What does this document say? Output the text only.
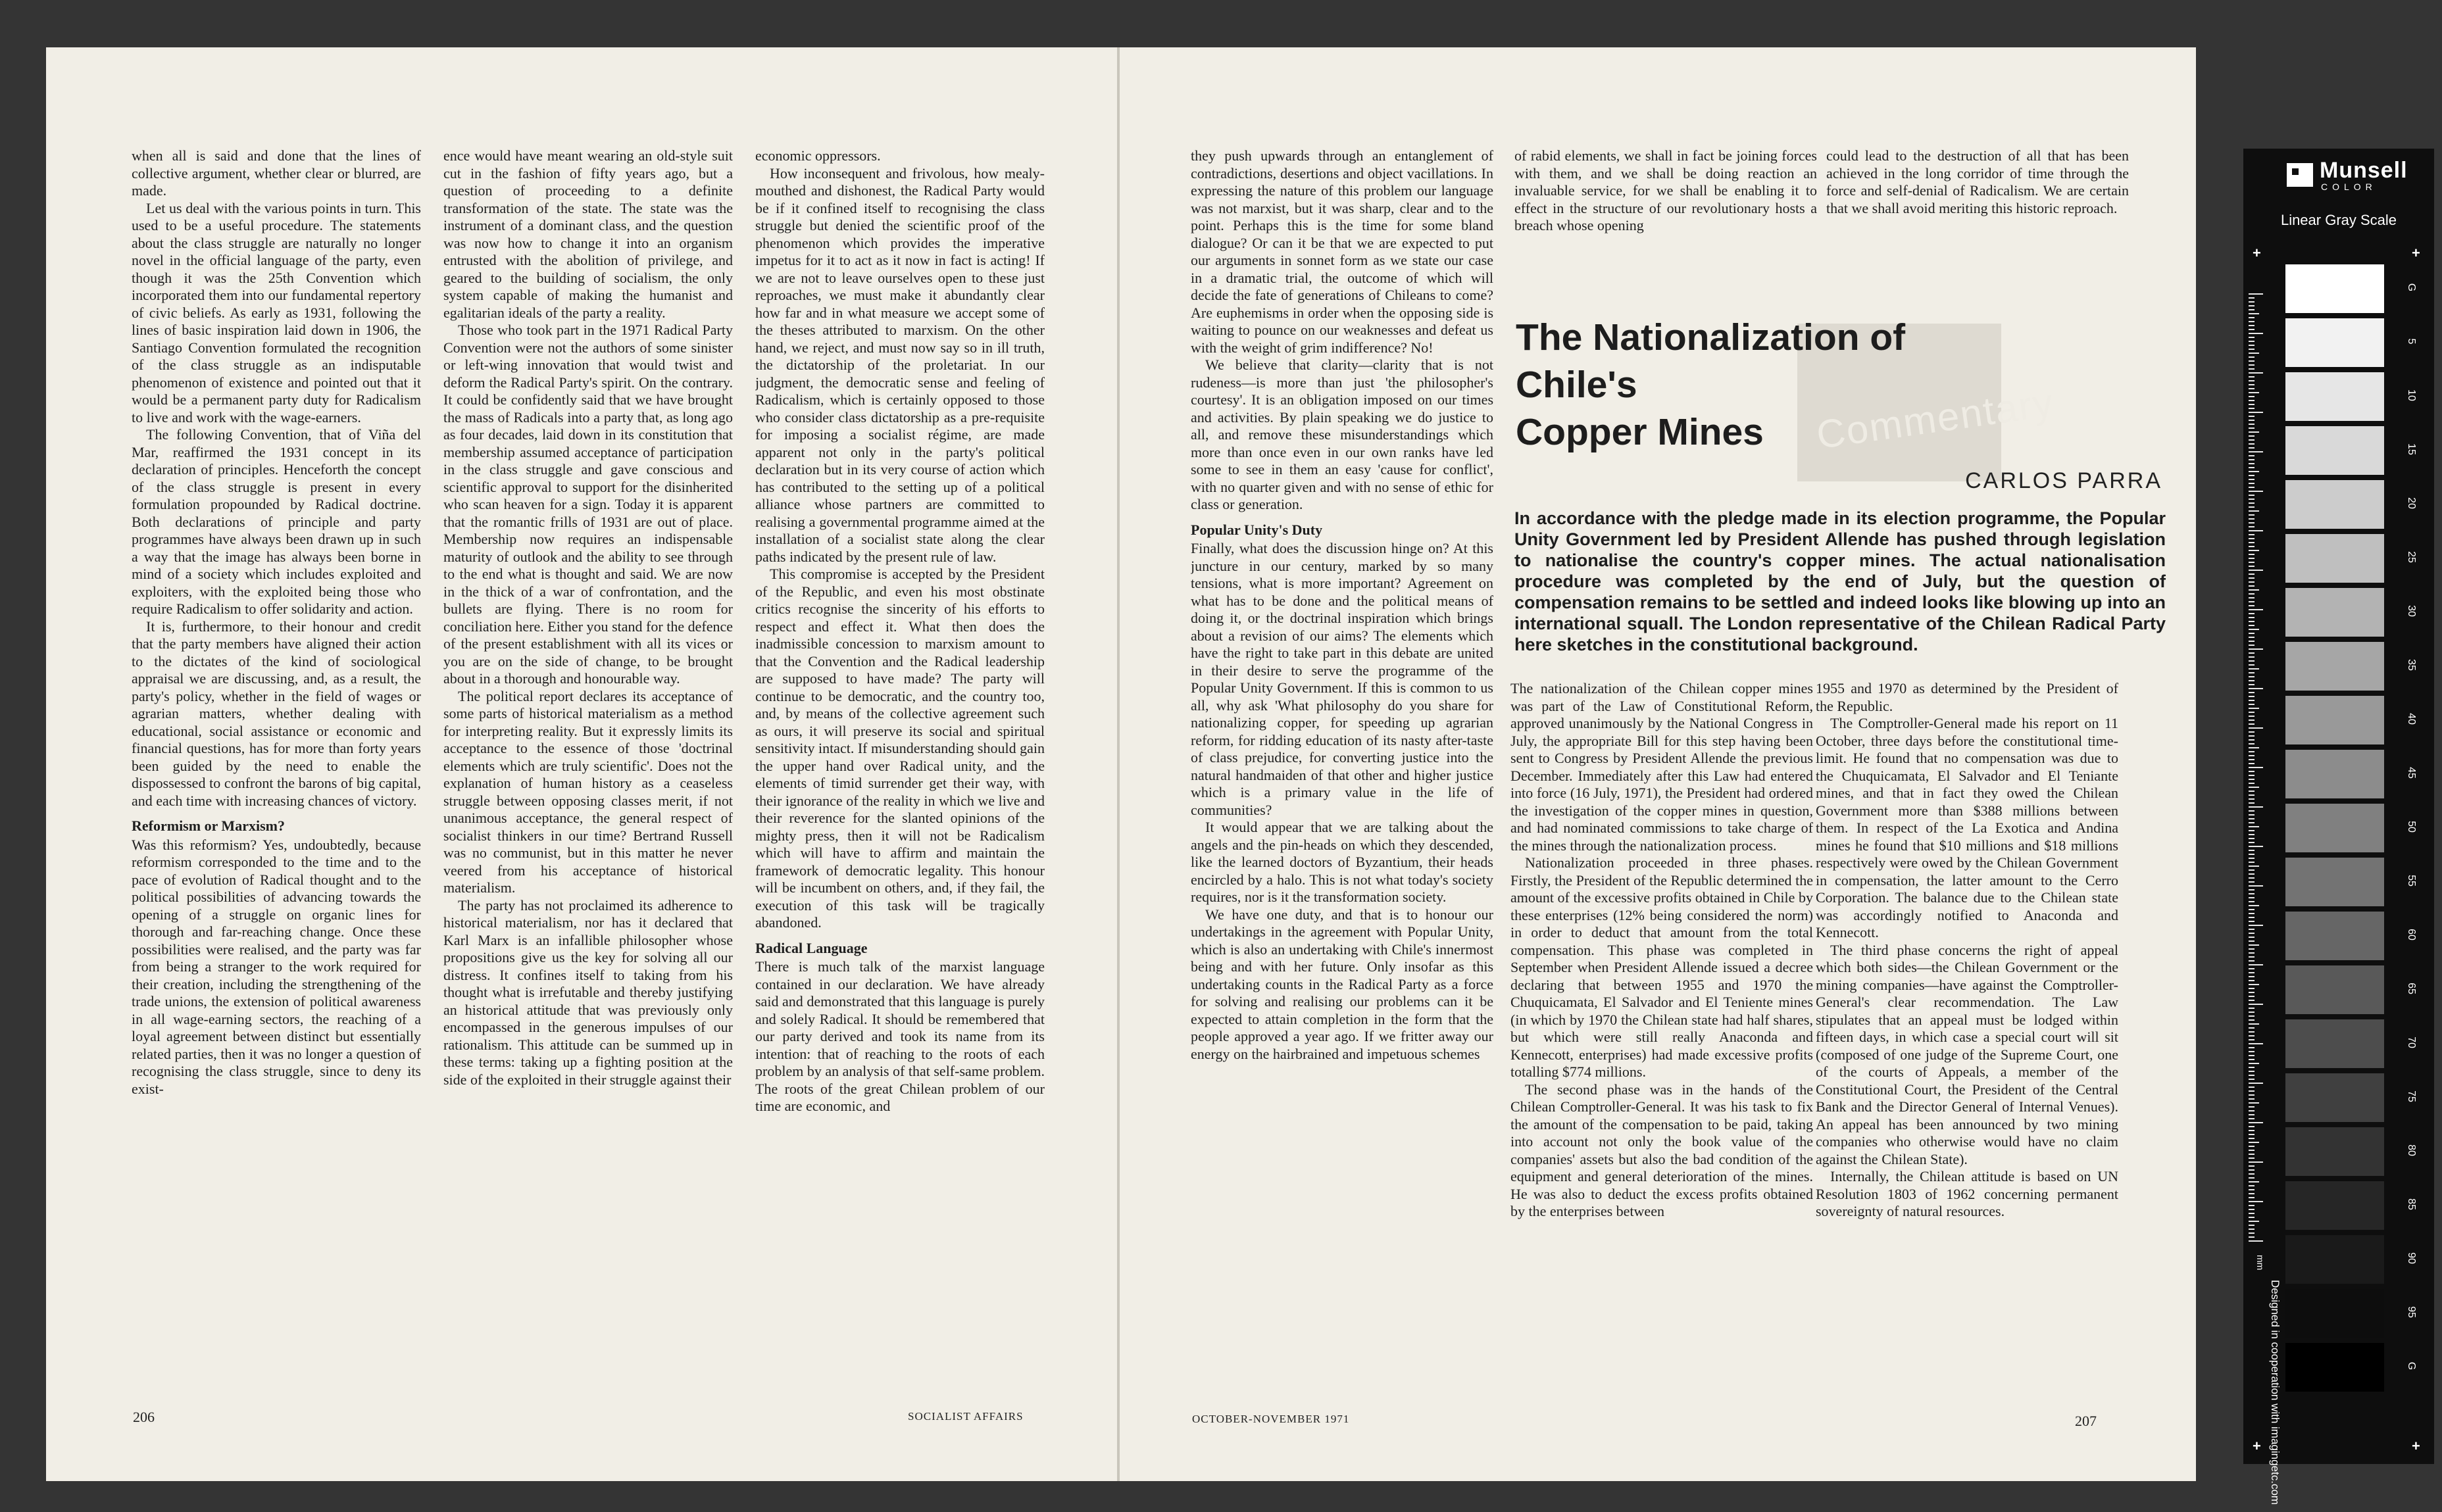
when all is said and done that the lines of collective argument, whether clear or blurred, are made.

Let us deal with the various points in turn. This used to be a useful procedure. The statements about the class struggle are naturally no longer novel in the official language of the party, even though it was the 25th Convention which incorporated them into our fundamental repertory of civic beliefs. As early as 1931, following the lines of basic inspiration laid down in 1906, the Santiago Convention formulated the recognition of the class struggle as an indisputable phenomenon of existence and pointed out that it would be a permanent party duty for Radicalism to live and work with the wage-earners.

The following Convention, that of Viña del Mar, reaffirmed the 1931 concept in its declaration of principles. Henceforth the concept of the class struggle is present in every formulation propounded by Radical doctrine. Both declarations of principle and party programmes have always been drawn up in such a way that the image has always been borne in mind of a society which includes exploited and exploiters, with the exploited being those who require Radicalism to offer solidarity and action.

It is, furthermore, to their honour and credit that the party members have aligned their action to the dictates of the kind of sociological appraisal we are discussing, and, as a result, the party's policy, whether in the field of wages or agrarian matters, whether dealing with educational, social assistance or economic and financial questions, has for more than forty years been guided by the need to enable the dispossessed to confront the barons of big capital, and each time with increasing chances of victory.

Reformism or Marxism?

Was this reformism? Yes, undoubtedly, because reformism corresponded to the time and to the pace of evolution of Radical thought and to the political possibilities of advancing towards the opening of a struggle on organic lines for thorough and far-reaching change. Once these possibilities were realised, and the party was far from being a stranger to the work required for their creation, including the strengthening of the trade unions, the extension of political awareness in all wage-earning sectors, the reaching of a loyal agreement between distinct but essentially related parties, then it was no longer a question of recognising the class struggle, since to deny its exist-

ence would have meant wearing an old-style suit cut in the fashion of fifty years ago, but a question of proceeding to a definite transformation of the state. The state was the instrument of a dominant class, and the question was now how to change it into an organism entrusted with the abolition of privilege, and geared to the building of socialism, the only system capable of making the humanist and egalitarian ideals of the party a reality.

Those who took part in the 1971 Radical Party Convention were not the authors of some sinister or left-wing innovation that would twist and deform the Radical Party's spirit. On the contrary. It could be confidently said that we have brought the mass of Radicals into a party that, as long ago as four decades, laid down in its constitution that membership assumed acceptance of participation in the class struggle and gave conscious and scientific approval to support for the disinherited who scan heaven for a sign. Today it is apparent that the romantic frills of 1931 are out of place. Membership now requires an indispensable maturity of outlook and the ability to see through to the end what is thought and said. We are now in the thick of a war of confrontation, and the bullets are flying. There is no room for conciliation here. Either you stand for the defence of the present establishment with all its vices or you are on the side of change, to be brought about in a thorough and honourable way.

The political report declares its acceptance of some parts of historical materialism as a method for interpreting reality. But it expressly limits its acceptance to the essence of those 'doctrinal elements which are truly scientific'. Does not the explanation of human history as a ceaseless struggle between opposing classes merit, if not unanimous acceptance, the general respect of socialist thinkers in our time? Bertrand Russell was no communist, but in this matter he never veered from his acceptance of historical materialism.

The party has not proclaimed its adherence to historical materialism, nor has it declared that Karl Marx is an infallible philosopher whose propositions give us the key for solving all our distress. It confines itself to taking from his thought what is irrefutable and thereby justifying an historical attitude that was previously only encompassed in the generous impulses of our rationalism. This attitude can be summed up in these terms: taking up a fighting position at the side of the exploited in their struggle against their

economic oppressors.

How inconsequent and frivolous, how mealy-mouthed and dishonest, the Radical Party would be if it confined itself to recognising the class struggle but denied the scientific proof of the phenomenon which provides the imperative impetus for it to act as it now in fact is acting! If we are not to leave ourselves open to these just reproaches, we must make it abundantly clear how far and in what measure we accept some of the theses attributed to marxism. On the other hand, we reject, and must now say so in ill truth, the dictatorship of the proletariat. In our judgment, the democratic sense and feeling of Radicalism, which is certainly opposed to those who consider class dictatorship as a pre-requisite for imposing a socialist régime, are made apparent not only in the party's political declaration but in its very course of action which has contributed to the setting up of a political alliance whose partners are committed to realising a governmental programme aimed at the installation of a socialist state along the clear paths indicated by the present rule of law.

This compromise is accepted by the President of the Republic, and even his most obstinate critics recognise the sincerity of his efforts to respect and effect it. What then does the inadmissible concession to marxism amount to that the Convention and the Radical leadership are supposed to have made? The party will continue to be democratic, and the country too, and, by means of the collective agreement such as ours, it will preserve its social and spiritual sensitivity intact. If misunderstanding should gain the upper hand over Radical unity, and the elements of timid surrender get their way, with their ignorance of the reality in which we live and their reverence for the slanted opinions of the mighty press, then it will not be Radicalism which will have to affirm and maintain the framework of democratic legality. This honour will be incumbent on others, and, if they fail, the execution of this task will be tragically abandoned.

Radical Language

There is much talk of the marxist language contained in our declaration. We have already said and demonstrated that this language is purely and solely Radical. It should be remembered that our party derived and took its name from its intention: that of reaching to the roots of each problem by an analysis of that self-same problem. The roots of the great Chilean problem of our time are economic, and

206	SOCIALIST AFFAIRS

they push upwards through an entanglement of contradictions, desertions and object vacillations. In expressing the nature of this problem our language was not marxist, but it was sharp, clear and to the point. Perhaps this is the time for some bland dialogue? Or can it be that we are expected to put our arguments in sonnet form as we state our case in a dramatic trial, the outcome of which will decide the fate of generations of Chileans to come? Are euphemisms in order when the opposing side is waiting to pounce on our weaknesses and defeat us with the weight of grim indifference? No!

We believe that clarity—clarity that is not rudeness—is more than just 'the philosopher's courtesy'. It is an obligation imposed on our times and activities. By plain speaking we do justice to all, and remove these misunderstandings which more than once even in our own ranks have led some to see in them an easy 'cause for conflict', with no quarter given and with no sense of ethic for class or generation.

Popular Unity's Duty

Finally, what does the discussion hinge on? At this juncture in our century, marked by so many tensions, what is more important? Agreement on what has to be done and the political means of doing it, or the doctrinal inspiration which brings about a revision of our aims? The elements which have the right to take part in this debate are united in their desire to serve the programme of the Popular Unity Government. If this is common to us all, why ask 'What philosophy do you share for nationalizing copper, for speeding up agrarian reform, for ridding education of its nasty after-taste of class prejudice, for converting justice into the natural handmaiden of that other and higher justice which is a primary value in the life of communities?

It would appear that we are talking about the angels and the pin-heads on which they descended, like the learned doctors of Byzantium, their heads encircled by a halo. This is not what today's society requires, nor is it the transformation society.

We have one duty, and that is to honour our undertakings in the agreement with Popular Unity, which is also an undertaking with Chile's innermost being and with her future. Only insofar as this undertaking counts in the Radical Party as a force for solving and realising our problems can it be expected to attain completion in the form that the people approved a year ago. If we fritter away our energy on the hairbrained and impetuous schemes

of rabid elements, we shall in fact be joining forces with them, and we shall be doing reaction an invaluable service, for we shall be enabling it to effect in the structure of our revolutionary hosts a breach whose opening

could lead to the destruction of all that has been achieved in the long corridor of time through the force and self-denial of Radicalism. We are certain that we shall avoid meriting this historic reproach.

Commentary
The Nationalization of Chile's
Copper Mines
CARLOS PARRA
In accordance with the pledge made in its election programme, the Popular Unity Government led by President Allende has pushed through legislation to nationalise the country's copper mines. The actual nationalisation procedure was completed by the end of July, but the question of compensation remains to be settled and indeed looks like blowing up into an international squall. The London representative of the Chilean Radical Party here sketches in the constitutional background.

The nationalization of the Chilean copper mines was part of the Law of Constitutional Reform, approved unanimously by the National Congress in July, the appropriate Bill for this step having been sent to Congress by President Allende the previous December. Immediately after this Law had entered into force (16 July, 1971), the President had ordered the investigation of the copper mines in question, and had nominated commissions to take charge of the mines through the nationalization process.

Nationalization proceeded in three phases. Firstly, the President of the Republic determined the amount of the excessive profits obtained in Chile by these enterprises (12% being considered the norm) in order to deduct that amount from the total compensation. This phase was completed in September when President Allende issued a decree declaring that between 1955 and 1970 the Chuquicamata, El Salvador and El Teniente mines (in which by 1970 the Chilean state had half shares, but which were still really Anaconda and Kennecott, enterprises) had made excessive profits totalling $774 millions.

The second phase was in the hands of the Chilean Comptroller-General. It was his task to fix the amount of the compensation to be paid, taking into account not only the book value of the companies' assets but also the bad condition of the equipment and general deterioration of the mines. He was also to deduct the excess profits obtained by the enterprises between

1955 and 1970 as determined by the President of the Republic.

The Comptroller-General made his report on 11 October, three days before the constitutional time-limit. He found that no compensation was due to the Chuquicamata, El Salvador and El Teniante mines, and that in fact they owed the Chilean Government more than $388 millions between them. In respect of the La Exotica and Andina mines he found that $10 millions and $18 millions respectively were owed by the Chilean Government in compensation, the latter amount to the Cerro Corporation. The balance due to the Chilean state was accordingly notified to Anaconda and Kennecott.

The third phase concerns the right of appeal which both sides—the Chilean Government or the mining companies—have against the Comptroller-General's clear recommendation. The Law stipulates that an appeal must be lodged within fifteen days, in which case a special court will sit (composed of one judge of the Supreme Court, one of the courts of Appeals, a member of the Constitutional Court, the President of the Central Bank and the Director General of Internal Venues). An appeal has been announced by two mining companies who otherwise would have no claim against the Chilean State).

Internally, the Chilean attitude is based on UN Resolution 1803 of 1962 concerning permanent sovereignty of natural resources.

OCTOBER-NOVEMBER 1971	207
Munsell
COLOR
Linear Gray Scale
+	+
+	+
mm
G
5
10
15
20
25
30
35
40
45
50
55
60
65
70
75
80
85
90
95
G
Designed in cooperation with imagingetc.com
